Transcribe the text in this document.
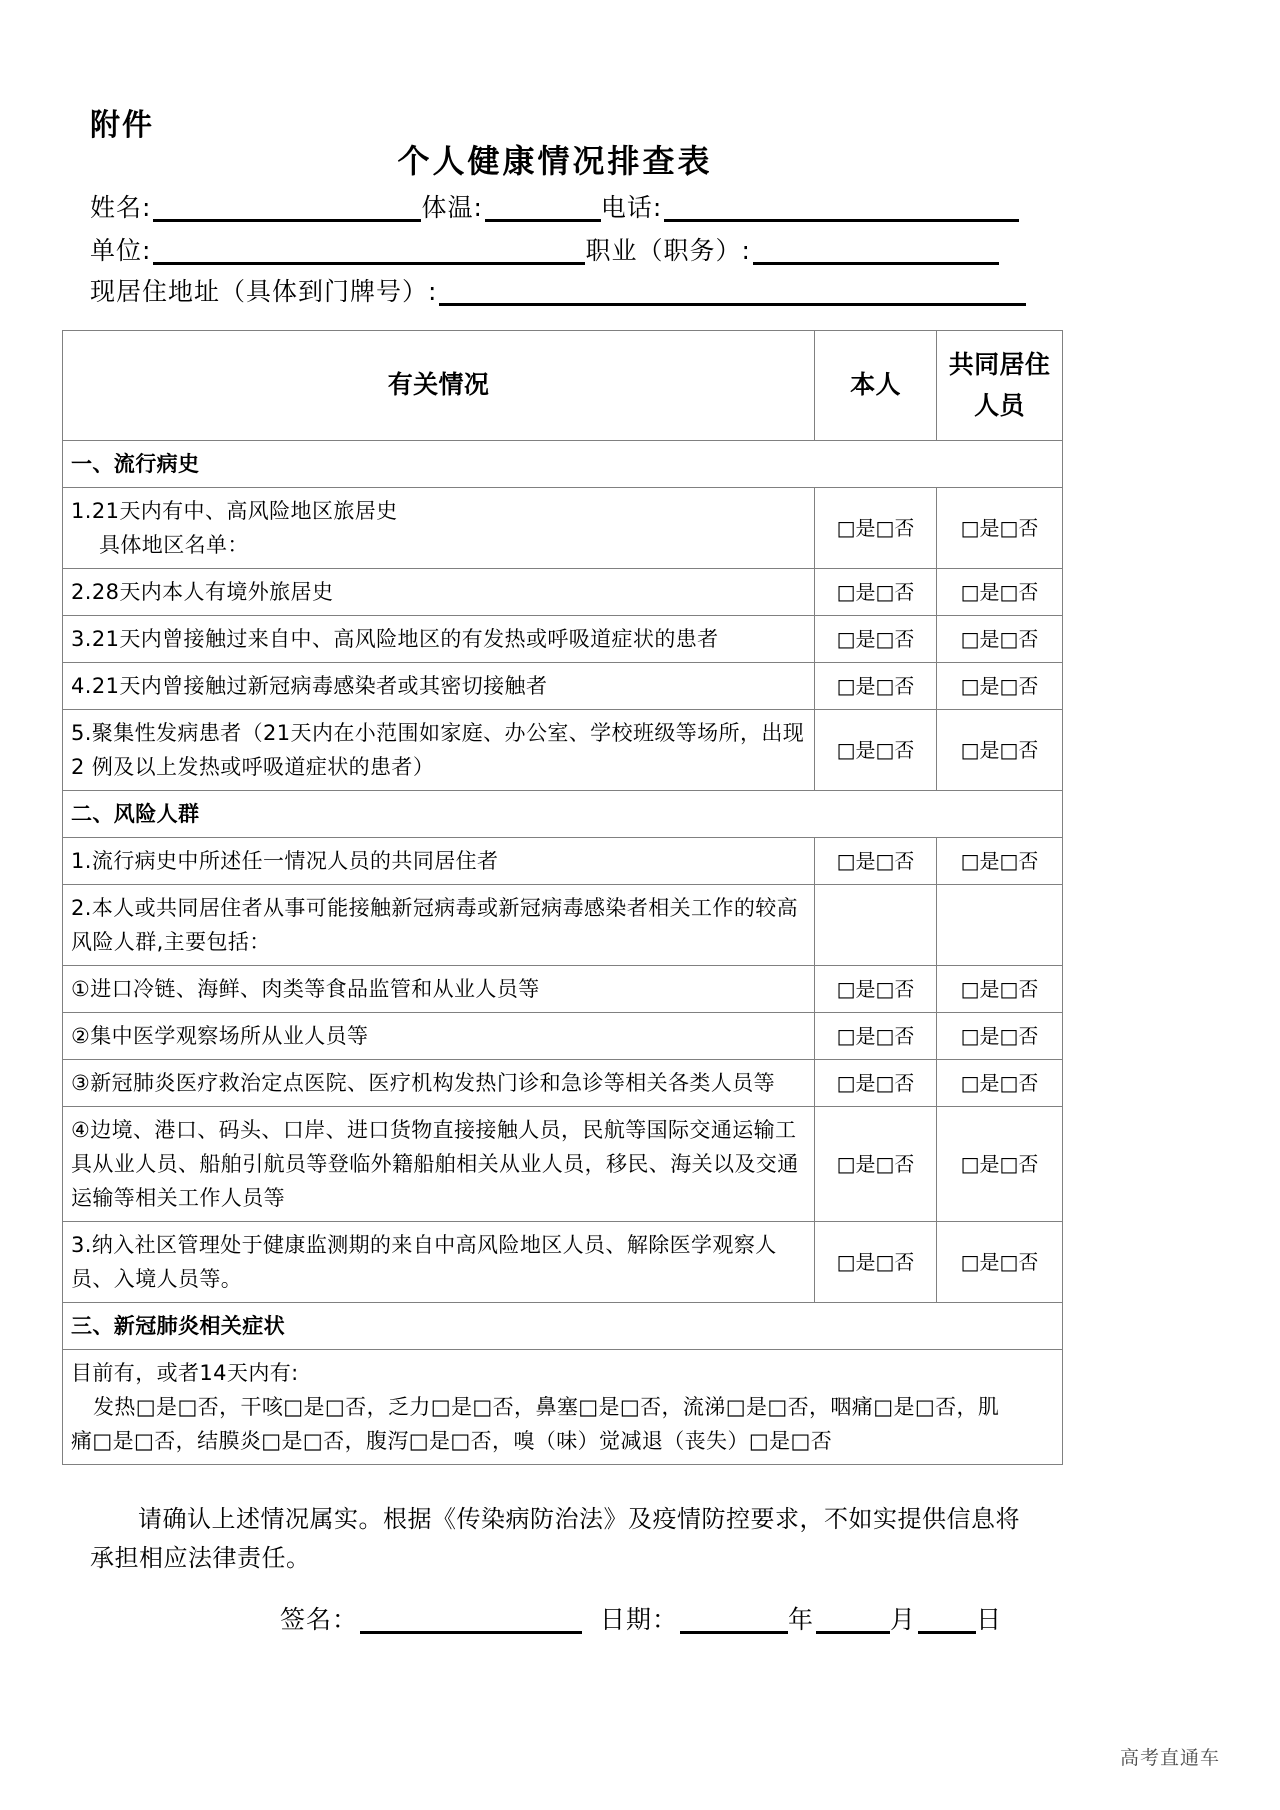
附件
个人健康情况排查表
姓名:	体温:	电话:
单位:	职业（职务）:
现居住地址（具体到门牌号）:
有关情况	本人	共同居住
人员

一、流行病史		

1.21天内有中、高风险地区旅居史
具体地区名单：	□是□否	□是□否
2.28天内本人有境外旅居史	□是□否	□是□否
3.21天内曾接触过来自中、高风险地区的有发热或呼吸道症状的患者	□是□否	□是□否
4.21天内曾接触过新冠病毒感染者或其密切接触者	□是□否	□是□否
5.聚集性发病患者（21天内在小范围如家庭、办公室、学校班级等场所，出现 2 例及以上发热或呼吸道症状的患者）	□是□否	□是□否
二、风险人群		
1.流行病史中所述任一情况人员的共同居住者	□是□否	□是□否
2.本人或共同居住者从事可能接触新冠病毒或新冠病毒感染者相关工作的较高风险人群,主要包括：		
①进口冷链、海鲜、肉类等食品监管和从业人员等	□是□否	□是□否
②集中医学观察场所从业人员等	□是□否	□是□否
③新冠肺炎医疗救治定点医院、医疗机构发热门诊和急诊等相关各类人员等	□是□否	□是□否
④边境、港口、码头、口岸、进口货物直接接触人员，民航等国际交通运输工具从业人员、船舶引航员等登临外籍船舶相关从业人员，移民、海关以及交通运输等相关工作人员等	□是□否	□是□否
3.纳入社区管理处于健康监测期的来自中高风险地区人员、解除医学观察人员、入境人员等。	□是□否	□是□否
三、新冠肺炎相关症状		

目前有，或者14天内有:
发热□是□否，干咳□是□否，乏力□是□否，鼻塞□是□否，流涕□是□否，咽痛□是□否，肌
痛□是□否，结膜炎□是□否，腹泻□是□否，嗅（味）觉减退（丧失）□是□否		
请确认上述情况属实。根据《传染病防治法》及疫情防控要求，不如实提供信息将承担相应法律责任。
签名：	日期：	年	月 日
高考直通车
